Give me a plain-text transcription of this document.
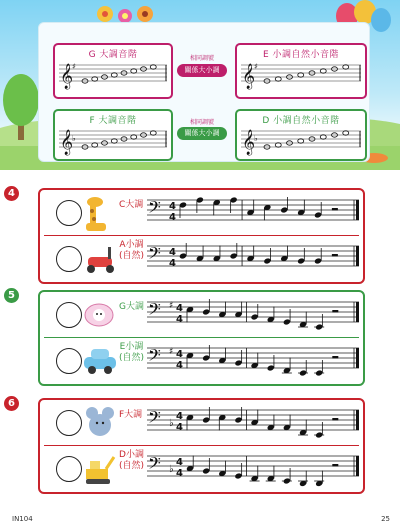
G 大調音階
𝄞
♯
E 小調自然小音階
𝄞
♯
F 大調音階
𝄞
♭
D 小調自然小音階
𝄞
♭
相同調號
關係大小調
相同調號
關係大小調
4
C大調 𝄢 4
4
A小調
(自然) 𝄢 4
4
5
G大調 𝄢 ♯ 4
4
E小調
(自然) 𝄢 ♯ 4
4
6
F大調 𝄢 ♭
4
4
D小調
(自然) 𝄢 ♭
4
4
IN104	25
